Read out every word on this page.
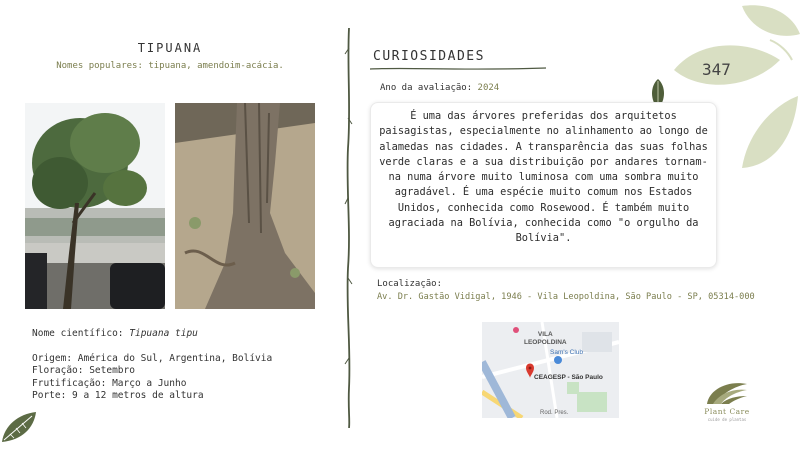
347
TIPUANA
Nomes populares: tipuana, amendoim-acácia.
Nome científico: Tipuana tipu
Origem: América do Sul, Argentina, Bolívia
Floração: Setembro
Frutificação: Março a Junho
Porte: 9 a 12 metros de altura
CURIOSIDADES
Ano da avaliação: 2024

É uma das árvores preferidas dos arquitetos paisagistas, especialmente no alinhamento ao longo de alamedas nas cidades. A transparência das suas folhas verde claras e a sua distribuição por andares tornam-na numa árvore muito luminosa com uma sombra muito agradável. É uma espécie muito comum nos Estados Unidos, conhecida como Rosewood. É também muito agraciada na Bolívia, conhecida como "o orgulho da Bolívia".

Localização:
Av. Dr. Gastão Vidigal, 1946 - Vila Leopoldina, São Paulo - SP, 05314-000
VILA
LEOPOLDINA
Sam's Club
CEAGESP - São Paulo
Rod. Pres.	Plant Care
cuide de plantas
